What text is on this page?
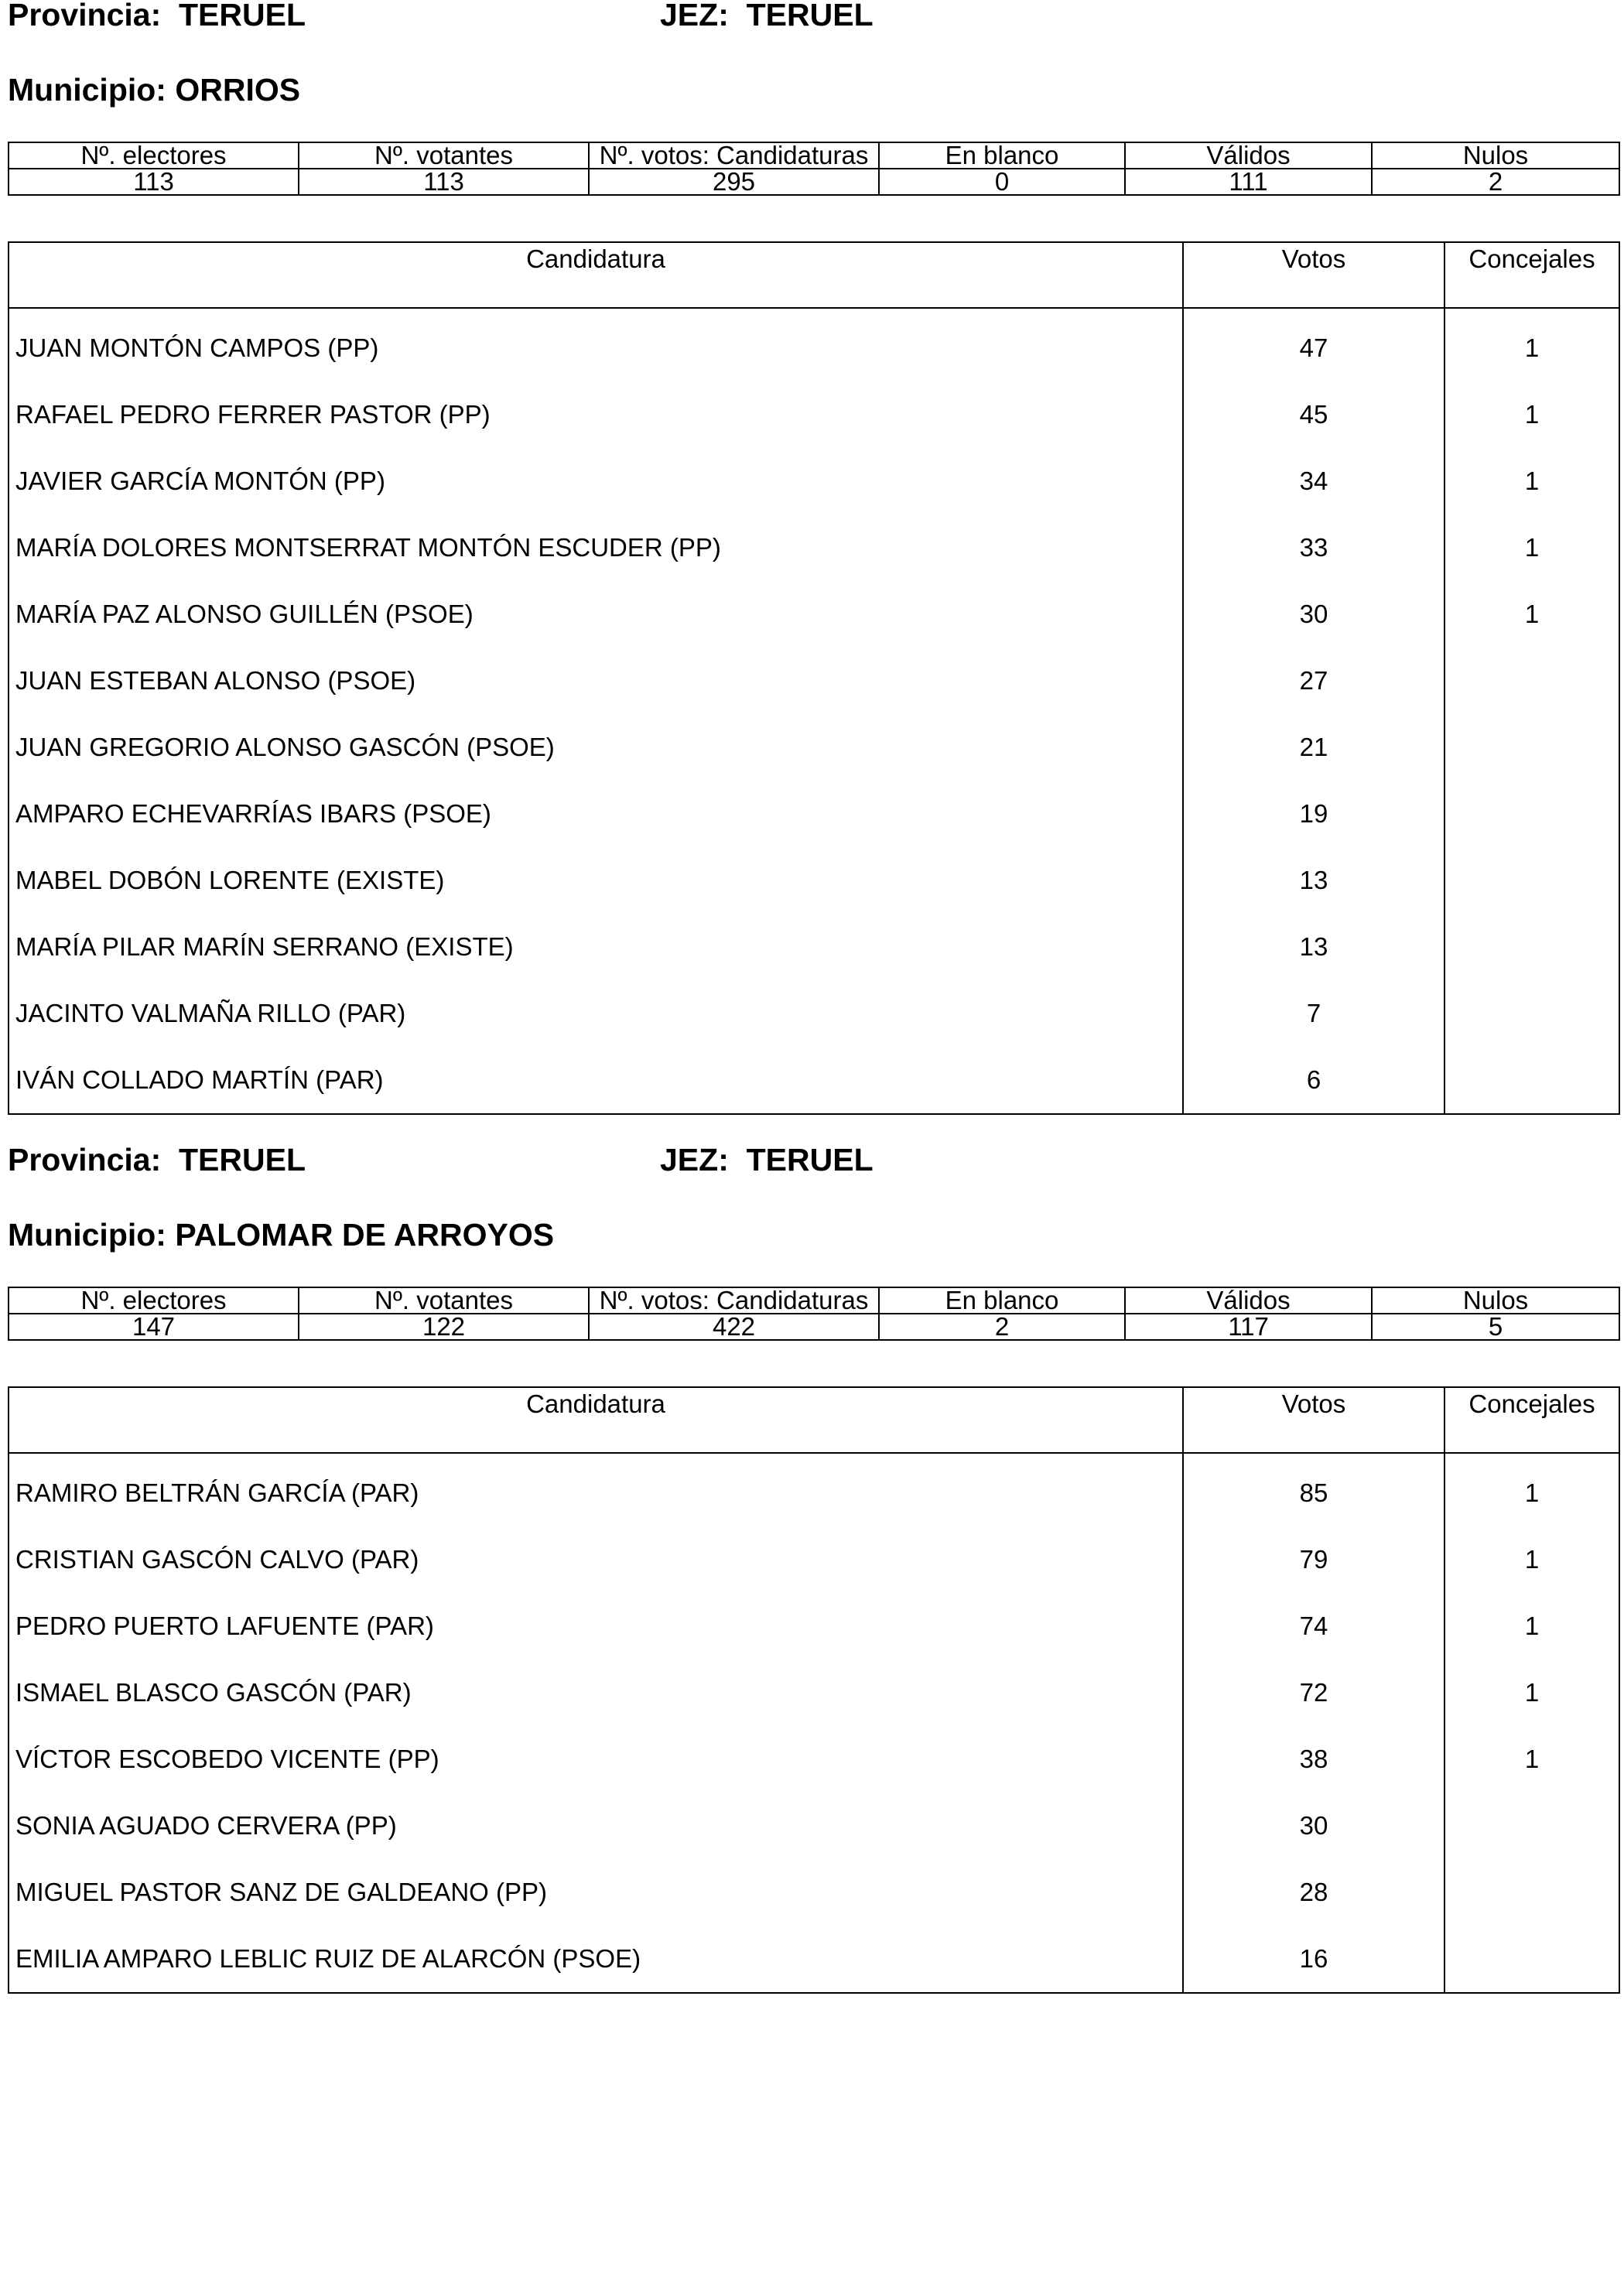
Provincia:  TERUEL	JEZ:  TERUEL
Municipio: ORRIOS
Nº. electores	Nº. votantes	Nº. votos: Candidaturas	En blanco	Válidos	Nulos
113	113	295	0	111	2
Candidatura	Votos	Concejales
JUAN MONTÓN CAMPOS (PP)	47	1
RAFAEL PEDRO FERRER PASTOR (PP)	45	1
JAVIER GARCÍA MONTÓN (PP)	34	1
MARÍA DOLORES MONTSERRAT MONTÓN ESCUDER (PP)	33	1
MARÍA PAZ ALONSO GUILLÉN (PSOE)	30	1
JUAN ESTEBAN ALONSO (PSOE)	27	
JUAN GREGORIO ALONSO GASCÓN (PSOE)	21	
AMPARO ECHEVARRÍAS IBARS (PSOE)	19	
MABEL DOBÓN LORENTE (EXISTE)	13	
MARÍA PILAR MARÍN SERRANO (EXISTE)	13	
JACINTO VALMAÑA RILLO (PAR)	7	
IVÁN COLLADO MARTÍN (PAR)	6	
Provincia:  TERUEL	JEZ:  TERUEL
Municipio: PALOMAR DE ARROYOS
Nº. electores	Nº. votantes	Nº. votos: Candidaturas	En blanco	Válidos	Nulos
147	122	422	2	117	5
Candidatura	Votos	Concejales
RAMIRO BELTRÁN GARCÍA (PAR)	85	1
CRISTIAN GASCÓN CALVO (PAR)	79	1
PEDRO PUERTO LAFUENTE (PAR)	74	1
ISMAEL BLASCO GASCÓN (PAR)	72	1
VÍCTOR ESCOBEDO VICENTE (PP)	38	1
SONIA AGUADO CERVERA (PP)	30	
MIGUEL PASTOR SANZ DE GALDEANO (PP)	28	
EMILIA AMPARO LEBLIC RUIZ DE ALARCÓN (PSOE)	16	
